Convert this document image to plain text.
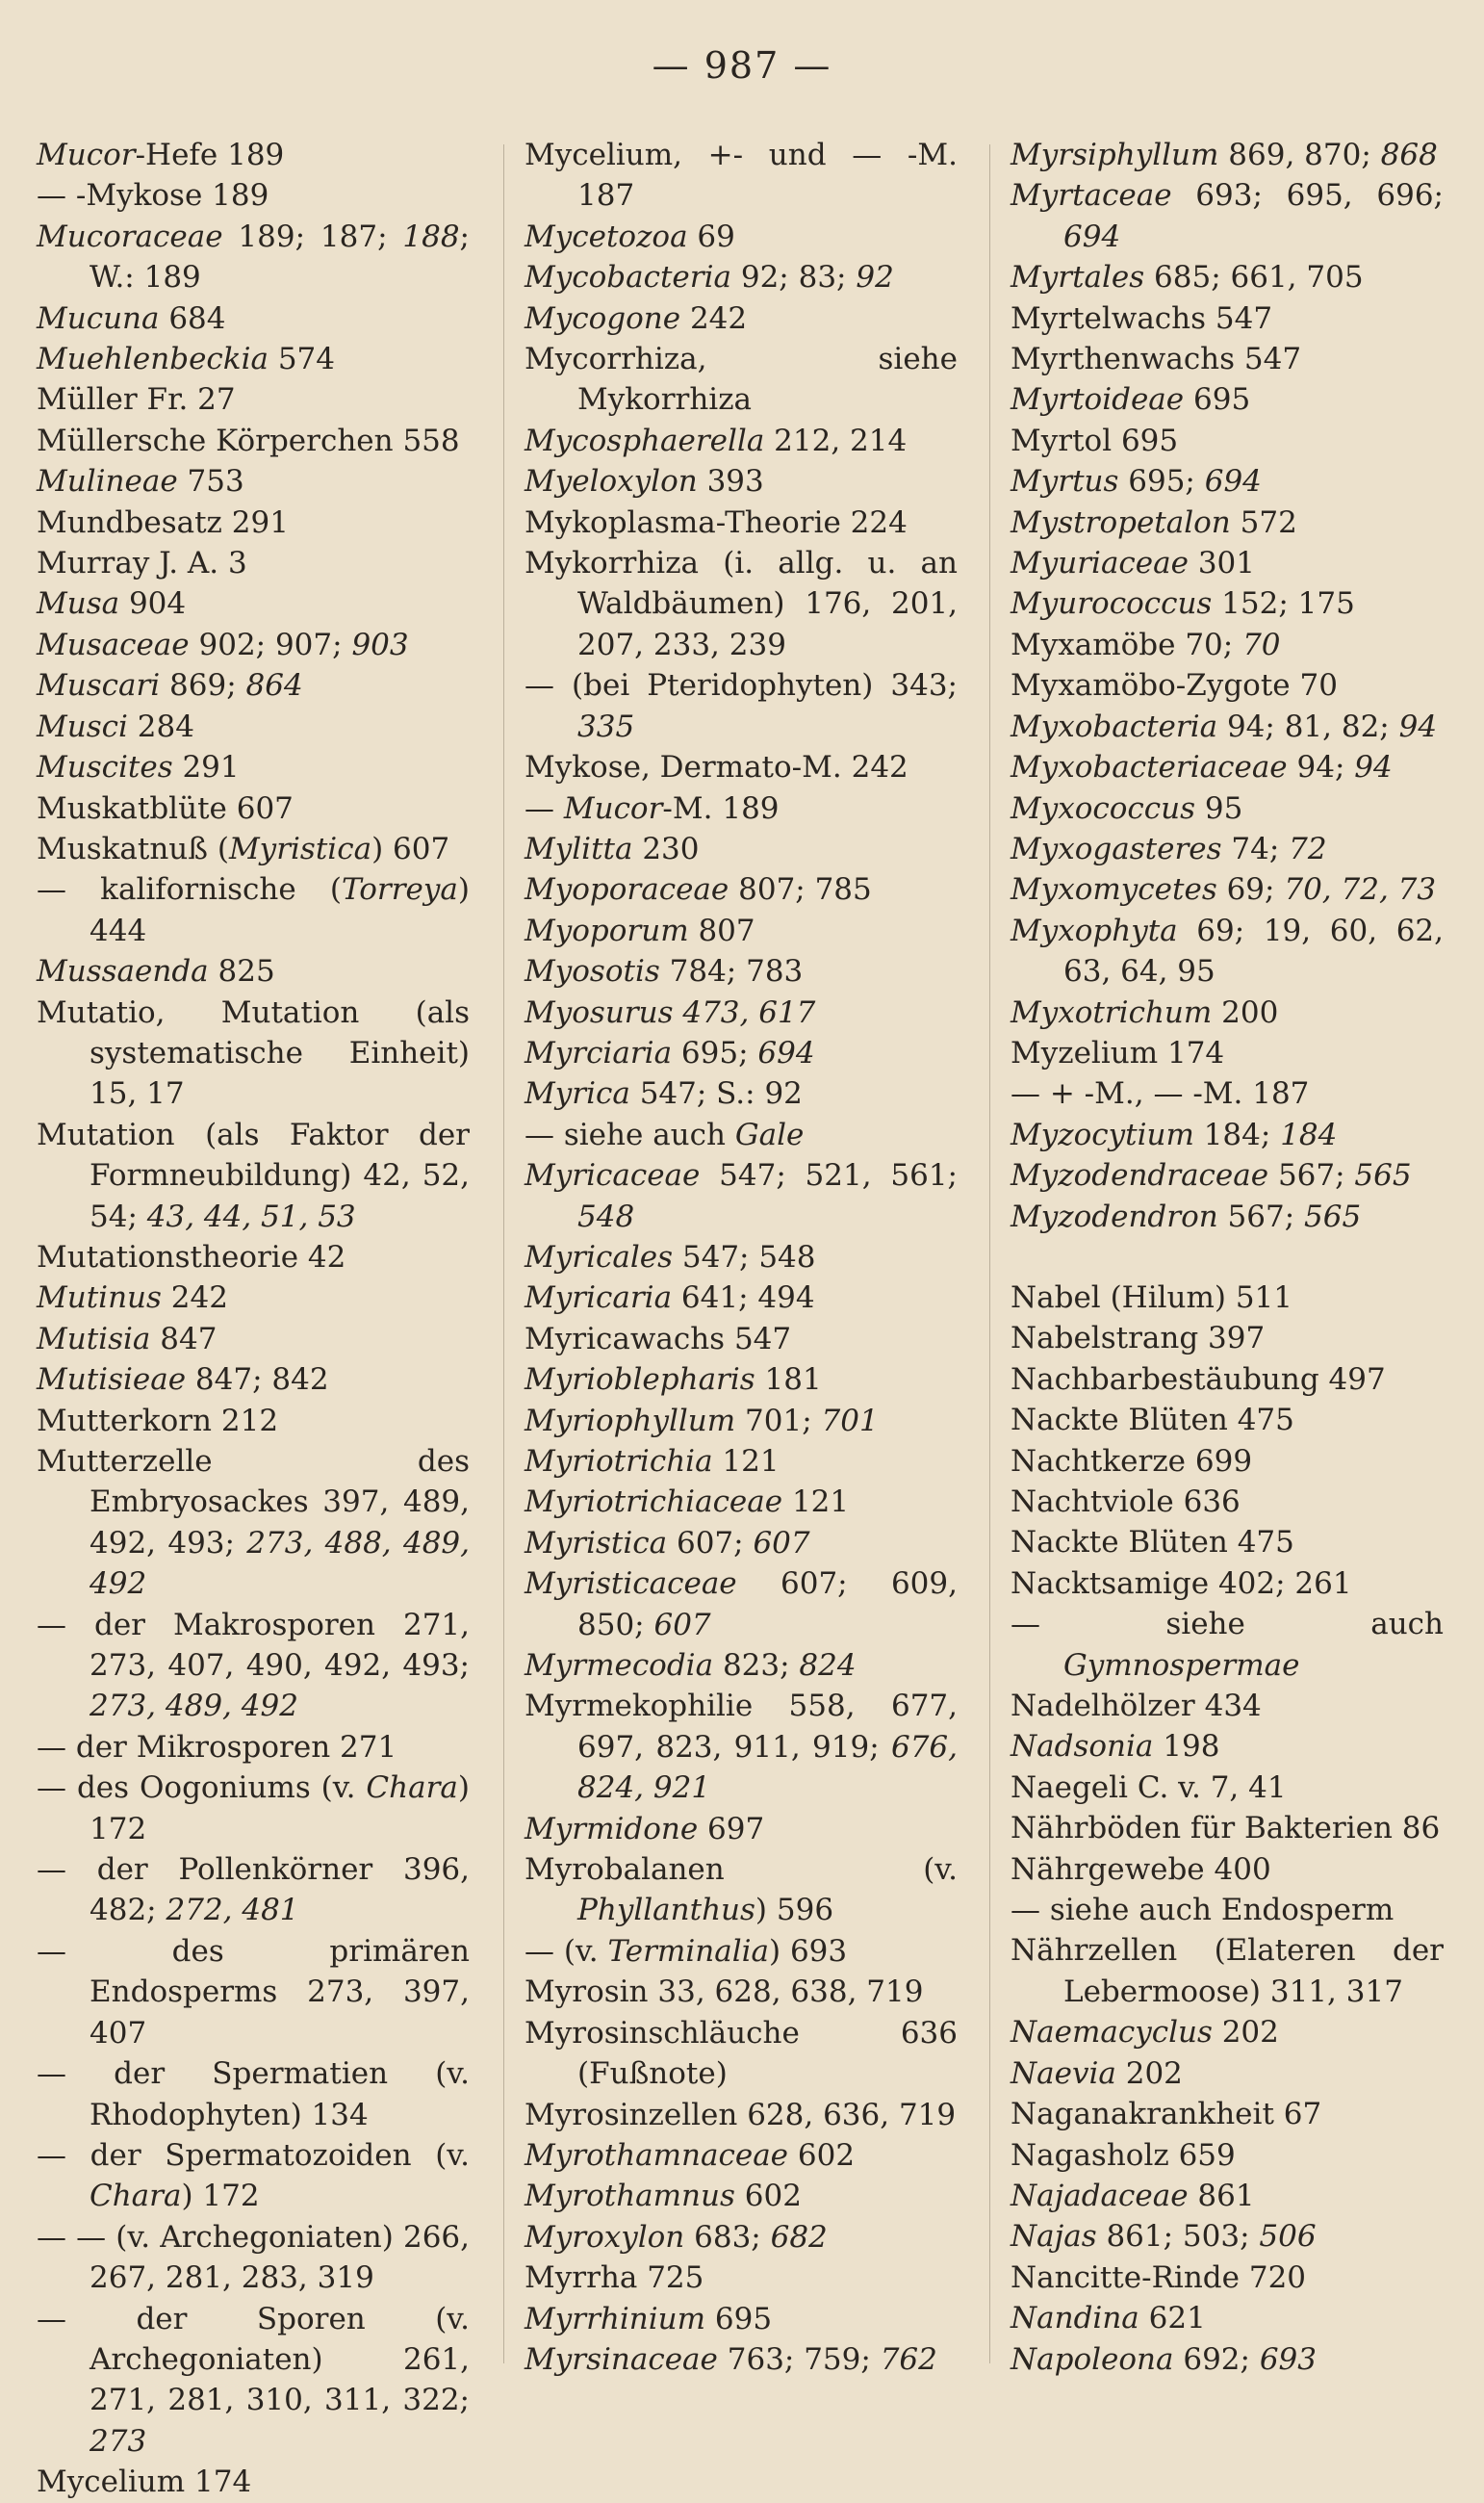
— 987 —

Mucor-Hefe 189

— -Mykose 189

Mucoraceae 189; 187; 188; W.: 189

Mucuna 684

Muehlenbeckia 574

Müller Fr. 27

Müllersche Körperchen 558

Mulineae 753

Mundbesatz 291

Murray J. A. 3

Musa 904

Musaceae 902; 907; 903

Muscari 869; 864

Musci 284

Muscites 291

Muskatblüte 607

Muskatnuß (Myristica) 607

— kalifornische (Torreya) 444

Mussaenda 825

Mutatio, Mutation (als systematische Einheit) 15, 17

Mutation (als Faktor der Formneubildung) 42, 52, 54; 43, 44, 51, 53

Mutationstheorie 42

Mutinus 242

Mutisia 847

Mutisieae 847; 842

Mutterkorn 212

Mutterzelle des Embryosackes 397, 489, 492, 493; 273, 488, 489, 492

— der Makrosporen 271, 273, 407, 490, 492, 493; 273, 489, 492

— der Mikrosporen 271

— des Oogoniums (v. Chara) 172

— der Pollenkörner 396, 482; 272, 481

— des primären Endosperms 273, 397, 407

— der Spermatien (v. Rhodophyten) 134

— der Spermatozoiden (v. Chara) 172

— — (v. Archegoniaten) 266, 267, 281, 283, 319

— der Sporen (v. Archegoniaten) 261, 271, 281, 310, 311, 322; 273

Mycelium 174

Mycelium, +- und — -M. 187

Mycetozoa 69

Mycobacteria 92; 83; 92

Mycogone 242

Mycorrhiza, siehe Mykorrhiza

Mycosphaerella 212, 214

Myeloxylon 393

Mykoplasma-Theorie 224

Mykorrhiza (i. allg. u. an Waldbäumen) 176, 201, 207, 233, 239

— (bei Pteridophyten) 343; 335

Mykose, Dermato-M. 242

— Mucor-M. 189

Mylitta 230

Myoporaceae 807; 785

Myoporum 807

Myosotis 784; 783

Myosurus 473, 617

Myrciaria 695; 694

Myrica 547; S.: 92

— siehe auch Gale

Myricaceae 547; 521, 561; 548

Myricales 547; 548

Myricaria 641; 494

Myricawachs 547

Myrioblepharis 181

Myriophyllum 701; 701

Myriotrichia 121

Myriotrichiaceae 121

Myristica 607; 607

Myristicaceae 607; 609, 850; 607

Myrmecodia 823; 824

Myrmekophilie 558, 677, 697, 823, 911, 919; 676, 824, 921

Myrmidone 697

Myrobalanen (v. Phyllanthus) 596

— (v. Terminalia) 693

Myrosin 33, 628, 638, 719

Myrosinschläuche 636 (Fußnote)

Myrosinzellen 628, 636, 719

Myrothamnaceae 602

Myrothamnus 602

Myroxylon 683; 682

Myrrha 725

Myrrhinium 695

Myrsinaceae 763; 759; 762

Myrsiphyllum 869, 870; 868

Myrtaceae 693; 695, 696; 694

Myrtales 685; 661, 705

Myrtelwachs 547

Myrthenwachs 547

Myrtoideae 695

Myrtol 695

Myrtus 695; 694

Mystropetalon 572

Myuriaceae 301

Myurococcus 152; 175

Myxamöbe 70; 70

Myxamöbo-Zygote 70

Myxobacteria 94; 81, 82; 94

Myxobacteriaceae 94; 94

Myxococcus 95

Myxogasteres 74; 72

Myxomycetes 69; 70, 72, 73

Myxophyta 69; 19, 60, 62, 63, 64, 95

Myxotrichum 200

Myzelium 174

— + -M., — -M. 187

Myzocytium 184; 184

Myzodendraceae 567; 565

Myzodendron 567; 565

Nabel (Hilum) 511

Nabelstrang 397

Nachbarbestäubung 497

Nackte Blüten 475

Nachtkerze 699

Nachtviole 636

Nackte Blüten 475

Nacktsamige 402; 261

— siehe auch Gymnospermae

Nadelhölzer 434

Nadsonia 198

Naegeli C. v. 7, 41

Nährböden für Bakterien 86

Nährgewebe 400

— siehe auch Endosperm

Nährzellen (Elateren der Lebermoose) 311, 317

Naemacyclus 202

Naevia 202

Naganakrankheit 67

Nagasholz 659

Najadaceae 861

Najas 861; 503; 506

Nancitte-Rinde 720

Nandina 621

Napoleona 692; 693
